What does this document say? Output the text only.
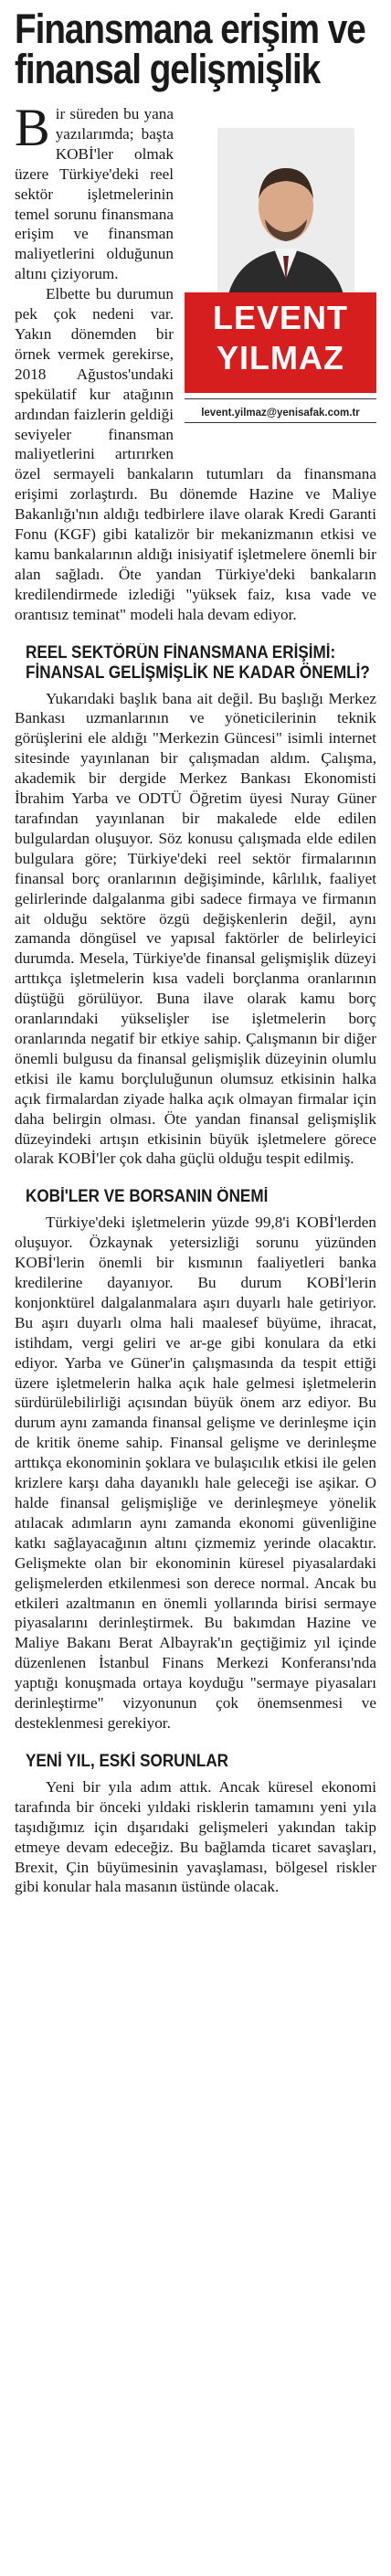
Finansmana erişim ve finansal gelişmişlik
LEVENT
YILMAZ
levent.yilmaz@yenisafak.com.tr

Bir süreden bu yana yazılarımda; başta KOBİ'ler olmak üzere Türkiye'deki reel sektör işletmelerinin temel sorunu finansmana erişim ve finansman maliyetlerini olduğunun altını çiziyorum.

Elbette bu durumun pek çok nedeni var. Yakın dönemden bir örnek vermek gerekirse, 2018 Ağustos'undaki spekülatif kur atağının ardından faizlerin geldiği seviyeler finansman maliyetlerini artırırken özel sermayeli bankaların tutumları da finansmana erişimi zorlaştırdı. Bu dönemde Hazine ve Maliye Bakanlığı'nın aldığı tedbirlere ilave olarak Kredi Garanti Fonu (KGF) gibi katalizör bir mekanizmanın etkisi ve kamu bankalarının aldığı inisiyatif işletmelere önemli bir alan sağladı. Öte yandan Türkiye'deki bankaların kredilendirmede izlediği "yüksek faiz, kısa vade ve orantısız teminat" modeli hala devam ediyor.

REEL SEKTÖRÜN FİNANSMANA ERİŞİMİ: FİNANSAL GELİŞMİŞLİK NE KADAR ÖNEMLİ?

Yukarıdaki başlık bana ait değil. Bu başlığı Merkez Bankası uzmanlarının ve yöneticilerinin teknik görüşlerini ele aldığı "Merkezin Güncesi" isimli internet sitesinde yayınlanan bir çalışmadan aldım. Çalışma, akademik bir dergide Merkez Bankası Ekonomisti İbrahim Yarba ve ODTÜ Öğretim üyesi Nuray Güner tarafından yayınlanan bir makalede elde edilen bulgulardan oluşuyor. Söz konusu çalışmada elde edilen bulgulara göre; Türkiye'deki reel sektör firmalarının finansal borç oranlarının değişiminde, kârlılık, faaliyet gelirlerinde dalgalanma gibi sadece firmaya ve firmanın ait olduğu sektöre özgü değişkenlerin değil, aynı zamanda döngüsel ve yapısal faktörler de belirleyici durumda. Mesela, Türkiye'de finansal gelişmişlik düzeyi arttıkça işletmelerin kısa vadeli borçlanma oranlarının düştüğü görülüyor. Buna ilave olarak kamu borç oranlarındaki yükselişler ise işletmelerin borç oranlarında negatif bir etkiye sahip. Çalışmanın bir diğer önemli bulgusu da finansal gelişmişlik düzeyinin olumlu etkisi ile kamu borçluluğunun olumsuz etkisinin halka açık firmalardan ziyade halka açık olmayan firmalar için daha belirgin olması. Öte yandan finansal gelişmişlik düzeyindeki artışın etkisinin büyük işletmelere görece olarak KOBİ'ler çok daha güçlü olduğu tespit edilmiş.

KOBİ'LER VE BORSANIN ÖNEMİ

Türkiye'deki işletmelerin yüzde 99,8'i KOBİ'lerden oluşuyor. Özkaynak yetersizliği sorunu yüzünden KOBİ'lerin önemli bir kısmının faaliyetleri banka kredilerine dayanıyor. Bu durum KOBİ'lerin konjonktürel dalgalanmalara aşırı duyarlı hale getiriyor. Bu aşırı duyarlı olma hali maalesef büyüme, ihracat, istihdam, vergi geliri ve ar-ge gibi konulara da etki ediyor. Yarba ve Güner'in çalışmasında da tespit ettiği üzere işletmelerin halka açık hale gelmesi işletmelerin sürdürülebilirliği açısından büyük önem arz ediyor. Bu durum aynı zamanda finansal gelişme ve derinleşme için de kritik öneme sahip. Finansal gelişme ve derinleşme arttıkça ekonominin şoklara ve bulaşıcılık etkisi ile gelen krizlere karşı daha dayanıklı hale geleceği ise aşikar. O halde finansal gelişmişliğe ve derinleşmeye yönelik atılacak adımların aynı zamanda ekonomi güvenliğine katkı sağlayacağının altını çizmemiz yerinde olacaktır. Gelişmekte olan bir ekonominin küresel piyasalardaki gelişmelerden etkilenmesi son derece normal. Ancak bu etkileri azaltmanın en önemli yollarında birisi sermaye piyasalarını derinleştirmek. Bu bakımdan Hazine ve Maliye Bakanı Berat Albayrak'ın geçtiğimiz yıl içinde düzenlenen İstanbul Finans Merkezi Konferansı'nda yaptığı konuşmada ortaya koyduğu "sermaye piyasaları derinleştirme" vizyonunun çok önemsenmesi ve desteklenmesi gerekiyor.

YENİ YIL, ESKİ SORUNLAR

Yeni bir yıla adım attık. Ancak küresel ekonomi tarafında bir önceki yıldaki risklerin tamamını yeni yıla taşıdığımız için dışarıdaki gelişmeleri yakından takip etmeye devam edeceğiz. Bu bağlamda ticaret savaşları, Brexit, Çin büyümesinin yavaşlaması, bölgesel riskler gibi konular hala masanın üstünde olacak.
